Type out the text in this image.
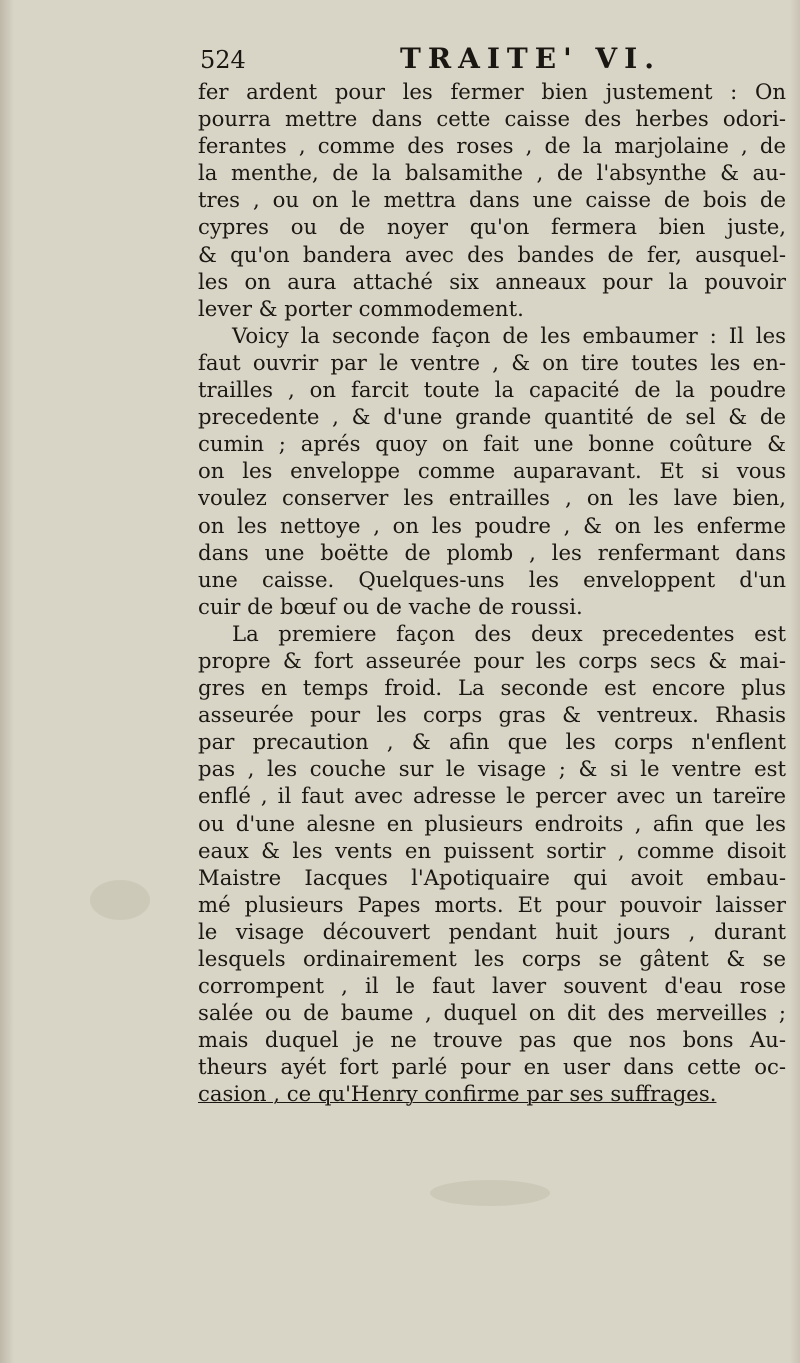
524	TRAITE' VI.
fer ardent pour les fermer bien justement : On
pourra mettre dans cette caisse des herbes odori-
ferantes , comme des roses , de la marjolaine , de
la menthe, de la balsamithe , de l'absynthe & au-
tres , ou on le mettra dans une caisse de bois de
cypres ou de noyer qu'on fermera bien juste,
& qu'on bandera avec des bandes de fer, ausquel-
les on aura attaché six anneaux pour la pouvoir
lever & porter commodement.
Voicy la seconde façon de les embaumer : Il les
faut ouvrir par le ventre , & on tire toutes les en-
trailles , on farcit toute la capacité de la poudre
precedente , & d'une grande quantité de sel & de
cumin ; aprés quoy on fait une bonne coûture &
on les enveloppe comme auparavant. Et si vous
voulez conserver les entrailles , on les lave bien,
on les nettoye , on les poudre , & on les enferme
dans une boëtte de plomb , les renfermant dans
une caisse. Quelques-uns les enveloppent d'un
cuir de bœuf ou de vache de roussi.
La premiere façon des deux precedentes est
propre & fort asseurée pour les corps secs & mai-
gres en temps froid. La seconde est encore plus
asseurée pour les corps gras & ventreux. Rhasis
par precaution , & afin que les corps n'enflent
pas , les couche sur le visage ; & si le ventre est
enflé , il faut avec adresse le percer avec un tareïre
ou d'une alesne en plusieurs endroits , afin que les
eaux & les vents en puissent sortir , comme disoit
Maistre Iacques l'Apotiquaire qui avoit embau-
mé plusieurs Papes morts. Et pour pouvoir laisser
le visage découvert pendant huit jours , durant
lesquels ordinairement les corps se gâtent & se
corrompent , il le faut laver souvent d'eau rose
salée ou de baume , duquel on dit des merveilles ;
mais duquel je ne trouve pas que nos bons Au-
theurs ayét fort parlé pour en user dans cette oc-
casion , ce qu'Henry confirme par ses suffrages.
